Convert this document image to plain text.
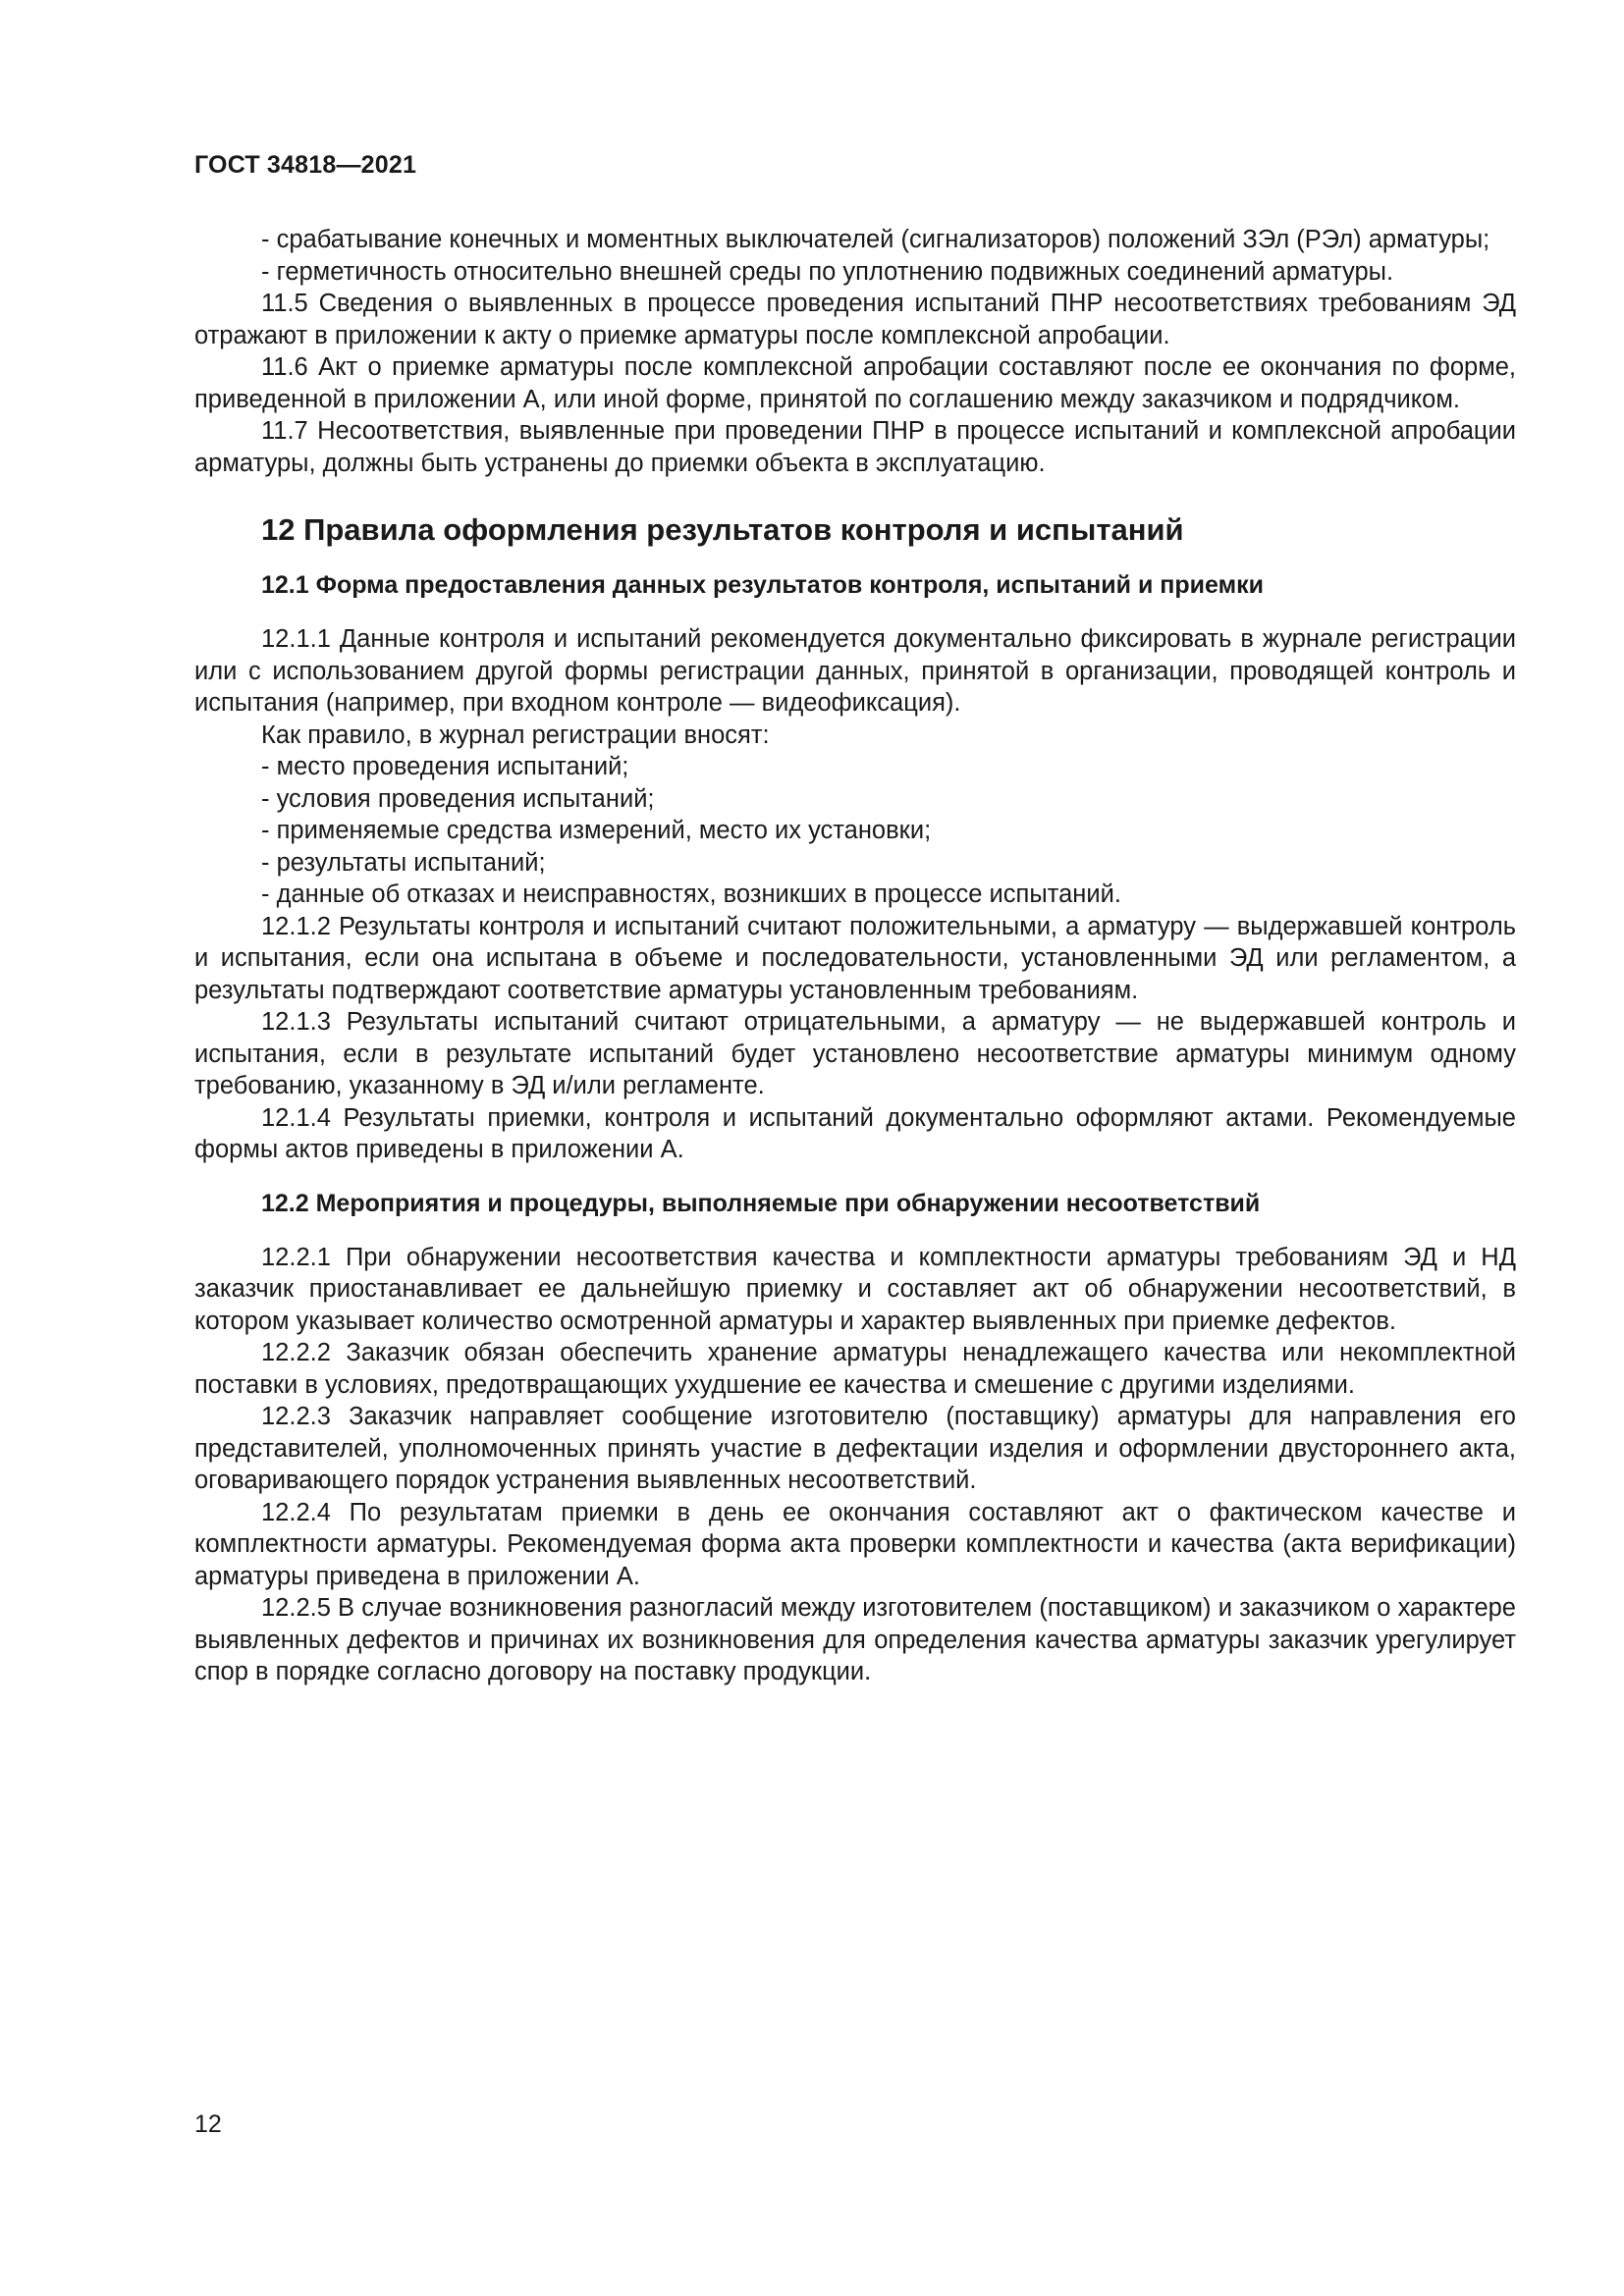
ГОСТ 34818—2021

- срабатывание конечных и моментных выключателей (сигнализаторов) положений ЗЭл (РЭл) арматуры;

- герметичность относительно внешней среды по уплотнению подвижных соединений арматуры.

11.5 Сведения о выявленных в процессе проведения испытаний ПНР несоответствиях требованиям ЭД отражают в приложении к акту о приемке арматуры после комплексной апробации.

11.6 Акт о приемке арматуры после комплексной апробации составляют после ее окончания по форме, приведенной в приложении А, или иной форме, принятой по соглашению между заказчиком и подрядчиком.

11.7 Несоответствия, выявленные при проведении ПНР в процессе испытаний и комплексной апробации арматуры, должны быть устранены до приемки объекта в эксплуатацию.

12 Правила оформления результатов контроля и испытаний
12.1 Форма предоставления данных результатов контроля, испытаний и приемки

12.1.1 Данные контроля и испытаний рекомендуется документально фиксировать в журнале регистрации или с использованием другой формы регистрации данных, принятой в организации, проводящей контроль и испытания (например, при входном контроле — видеофиксация).

Как правило, в журнал регистрации вносят:

- место проведения испытаний;

- условия проведения испытаний;

- применяемые средства измерений, место их установки;

- результаты испытаний;

- данные об отказах и неисправностях, возникших в процессе испытаний.

12.1.2 Результаты контроля и испытаний считают положительными, а арматуру — выдержавшей контроль и испытания, если она испытана в объеме и последовательности, установленными ЭД или регламентом, а результаты подтверждают соответствие арматуры установленным требованиям.

12.1.3 Результаты испытаний считают отрицательными, а арматуру — не выдержавшей контроль и испытания, если в результате испытаний будет установлено несоответствие арматуры минимум одному требованию, указанному в ЭД и/или регламенте.

12.1.4 Результаты приемки, контроля и испытаний документально оформляют актами. Рекомендуемые формы актов приведены в приложении А.

12.2 Мероприятия и процедуры, выполняемые при обнаружении несоответствий

12.2.1 При обнаружении несоответствия качества и комплектности арматуры требованиям ЭД и НД заказчик приостанавливает ее дальнейшую приемку и составляет акт об обнаружении несоответствий, в котором указывает количество осмотренной арматуры и характер выявленных при приемке дефектов.

12.2.2 Заказчик обязан обеспечить хранение арматуры ненадлежащего качества или некомплектной поставки в условиях, предотвращающих ухудшение ее качества и смешение с другими изделиями.

12.2.3 Заказчик направляет сообщение изготовителю (поставщику) арматуры для направления его представителей, уполномоченных принять участие в дефектации изделия и оформлении двустороннего акта, оговаривающего порядок устранения выявленных несоответствий.

12.2.4 По результатам приемки в день ее окончания составляют акт о фактическом качестве и комплектности арматуры. Рекомендуемая форма акта проверки комплектности и качества (акта верификации) арматуры приведена в приложении А.

12.2.5 В случае возникновения разногласий между изготовителем (поставщиком) и заказчиком о характере выявленных дефектов и причинах их возникновения для определения качества арматуры заказчик урегулирует спор в порядке согласно договору на поставку продукции.

12
